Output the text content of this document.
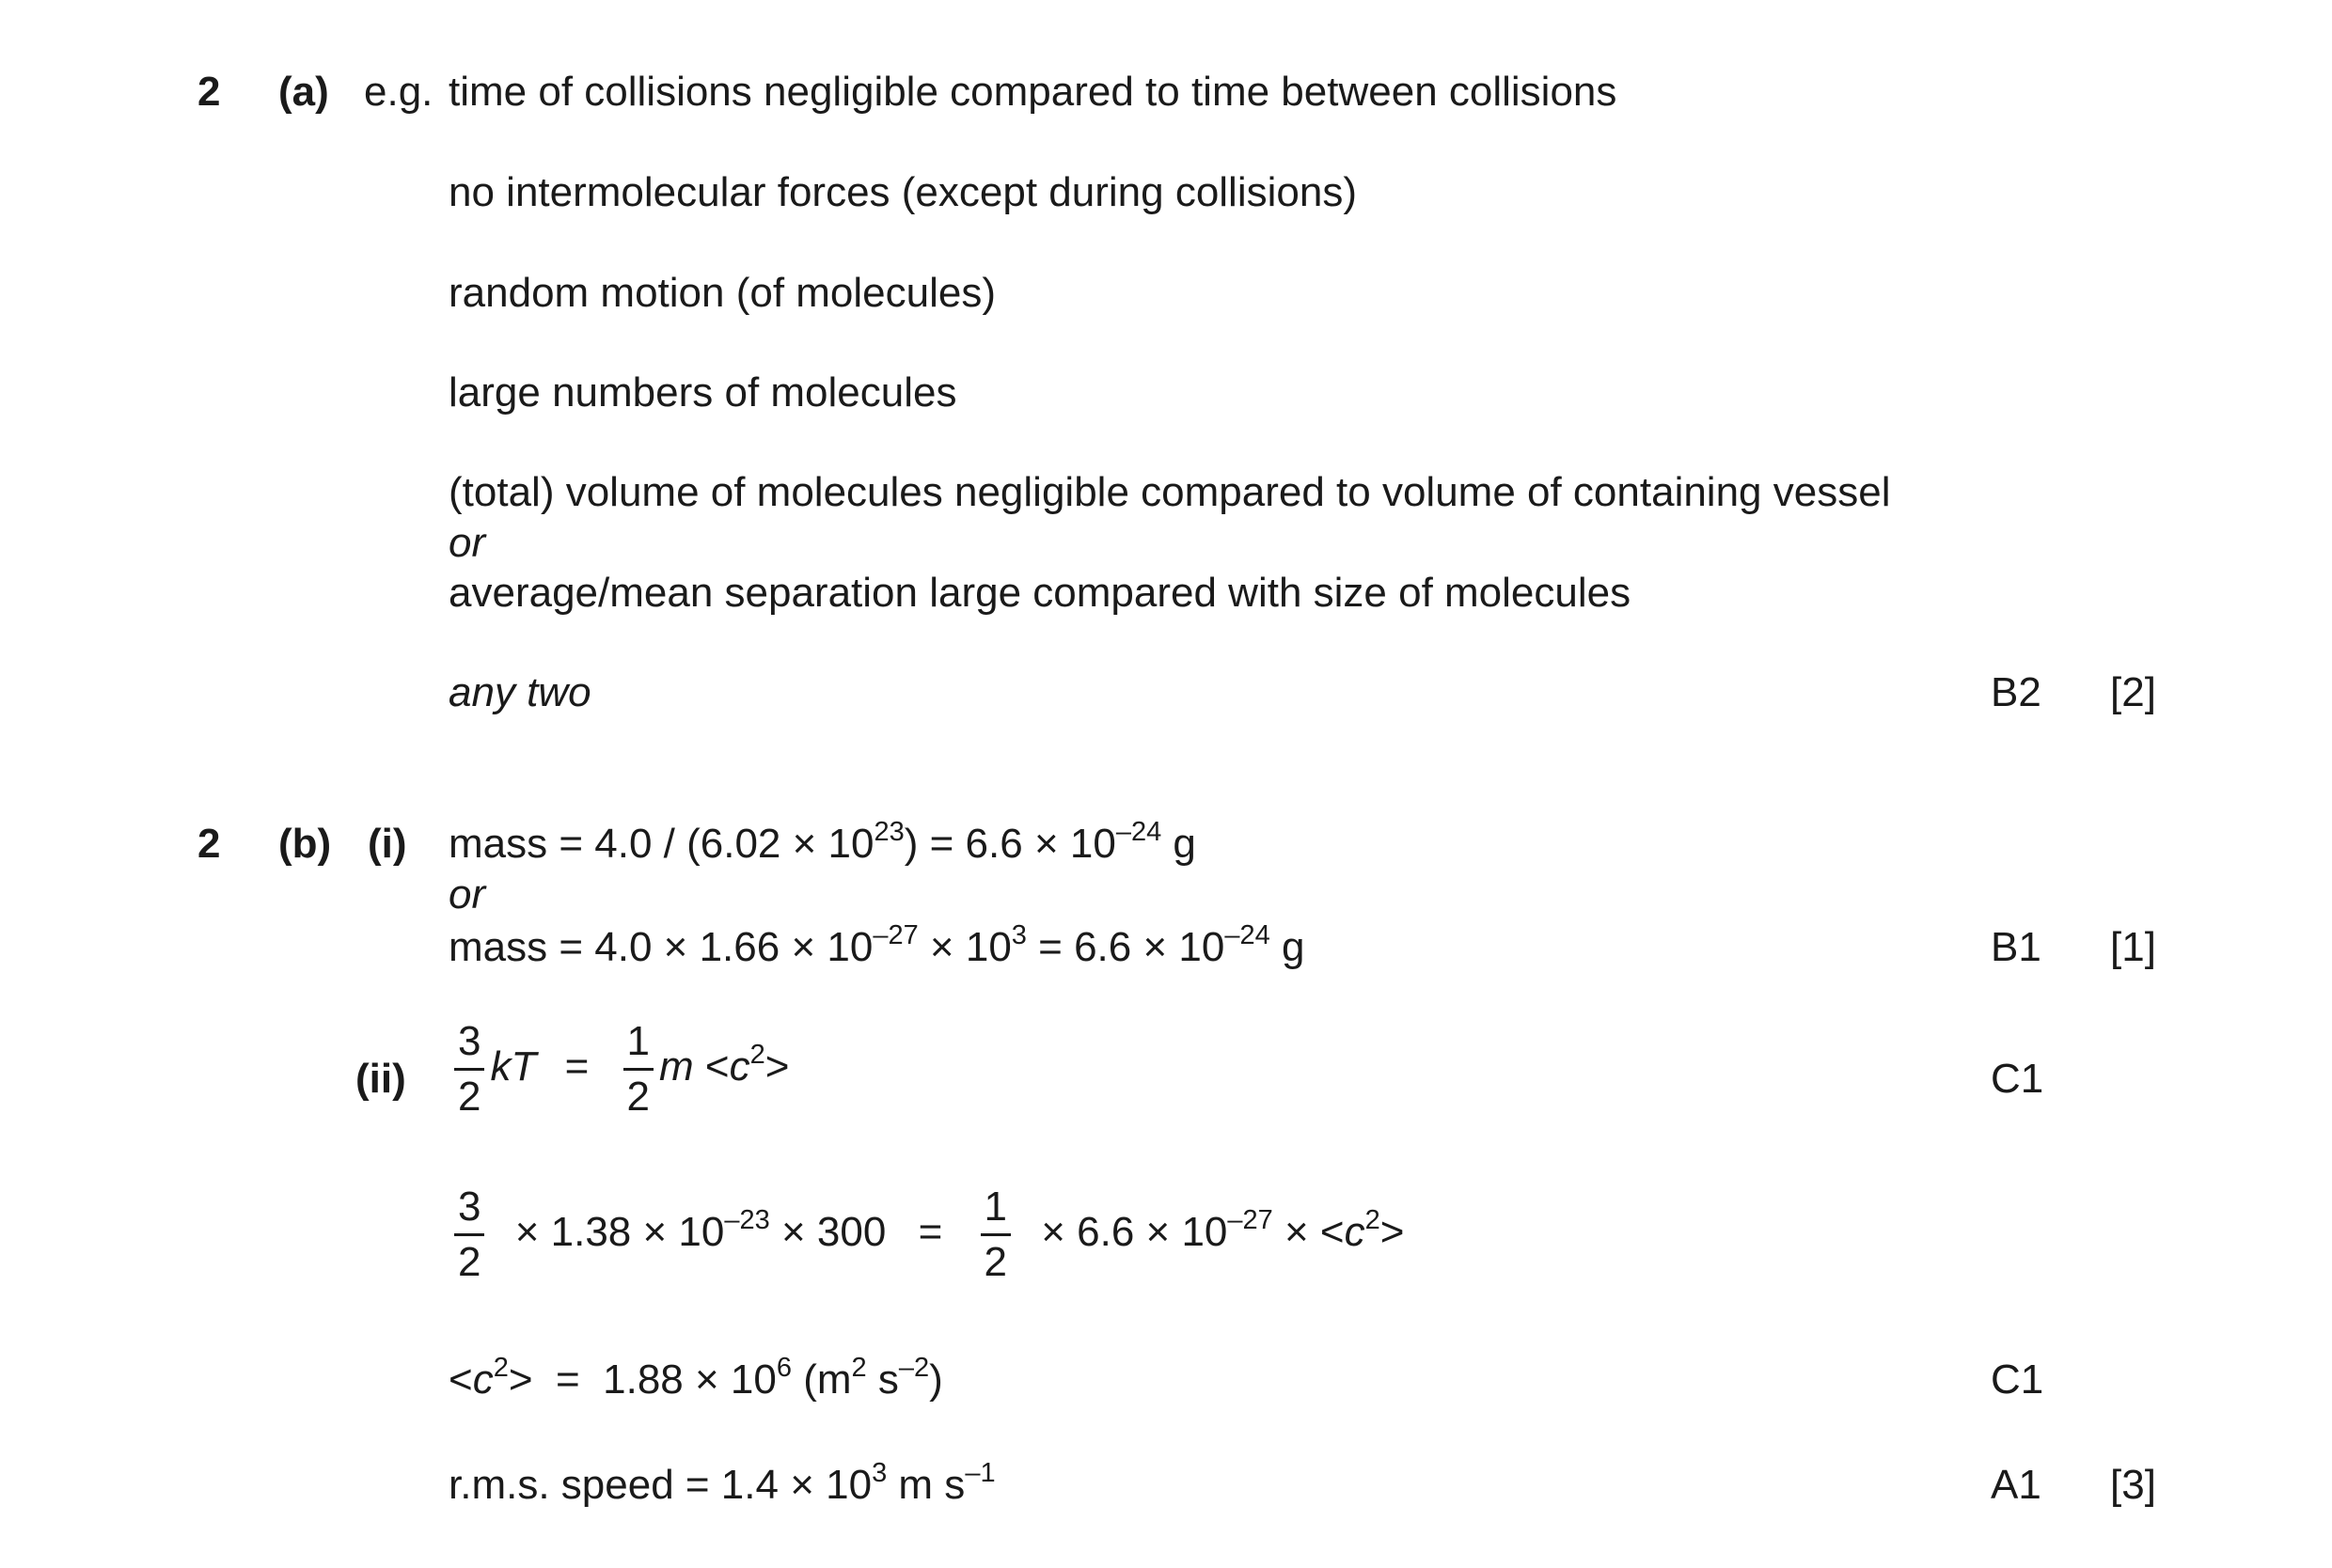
2 (a) e.g. time of collisions negligible compared to time between collisions
no intermolecular forces (except during collisions)
random motion (of molecules)
large numbers of molecules
(total) volume of molecules negligible compared to volume of containing vessel
or
average/mean separation large compared with size of molecules
any two	B2 [2]
2 (b) (i) mass = $4.0 / (6.02 \times 10^{23}) = 6.6 \times 10^{-24}$ g
or
mass = $4.0 \times 1.66 \times 10^{-27} \times 10^3 = 6.6 \times 10^{-24}$ g	B1 [1]
$(ii) \frac{3}{2}$ kT = $\frac{1}{2}$ $m <c^2>$	C1
$\frac{3}{2} \times 1.38 \times 10^{-23} \times 300 = \frac{1}{2} \times 6.6 \times 10^{-27} \times <c^2>$
$<c^2> = 1.88 \times 10^6$ ($m^2$ $s^{-2}$)	C1
r.m.s. speed = $1.4 \times 10^3$ m $s^{-1}$	A1 [3]
